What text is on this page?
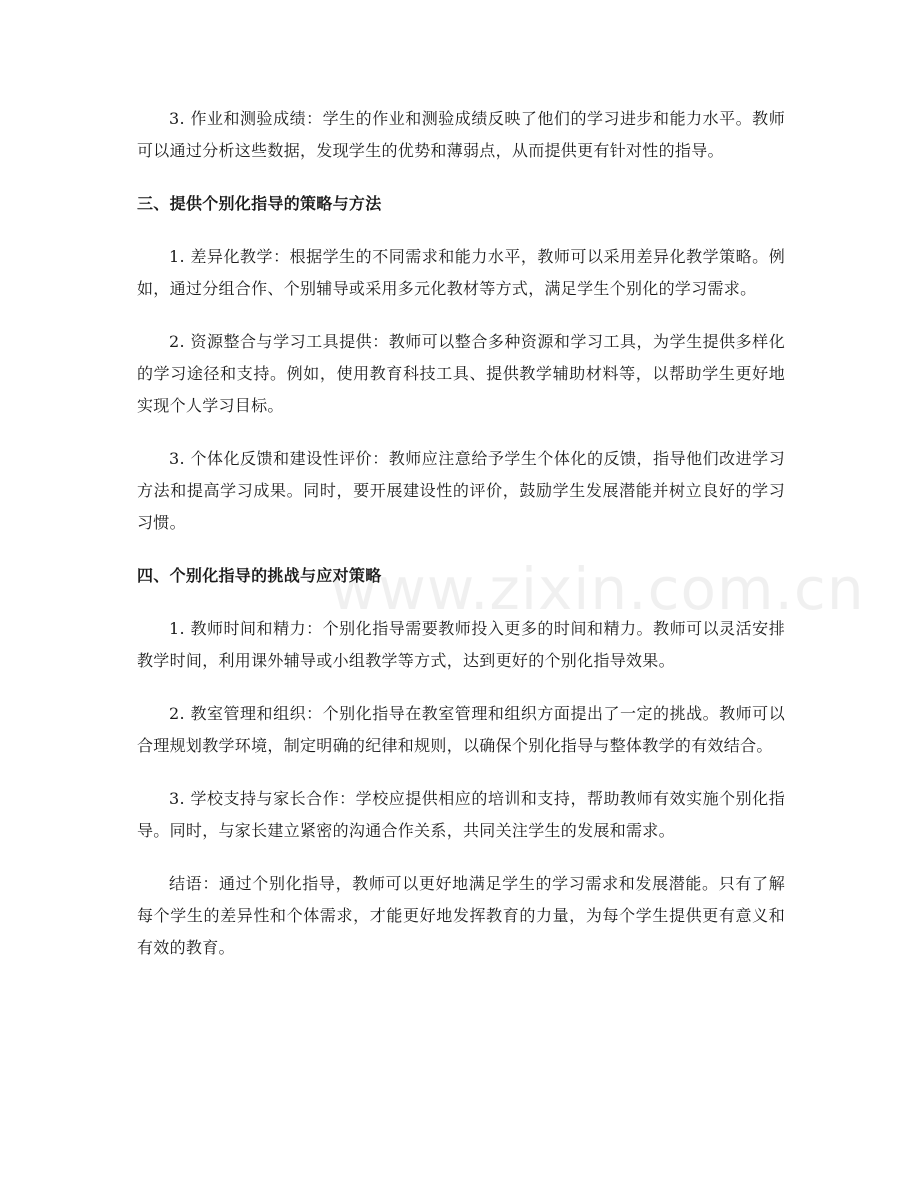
www.zixin.com.cn

3. 作业和测验成绩：学生的作业和测验成绩反映了他们的学习进步和能力水平。教师可以通过分析这些数据，发现学生的优势和薄弱点，从而提供更有针对性的指导。

三、提供个别化指导的策略与方法

1. 差异化教学：根据学生的不同需求和能力水平，教师可以采用差异化教学策略。例如，通过分组合作、个别辅导或采用多元化教材等方式，满足学生个别化的学习需求。

2. 资源整合与学习工具提供：教师可以整合多种资源和学习工具，为学生提供多样化的学习途径和支持。例如，使用教育科技工具、提供教学辅助材料等，以帮助学生更好地实现个人学习目标。

3. 个体化反馈和建设性评价：教师应注意给予学生个体化的反馈，指导他们改进学习方法和提高学习成果。同时，要开展建设性的评价，鼓励学生发展潜能并树立良好的学习习惯。

四、个别化指导的挑战与应对策略

1. 教师时间和精力：个别化指导需要教师投入更多的时间和精力。教师可以灵活安排教学时间，利用课外辅导或小组教学等方式，达到更好的个别化指导效果。

2. 教室管理和组织：个别化指导在教室管理和组织方面提出了一定的挑战。教师可以合理规划教学环境，制定明确的纪律和规则，以确保个别化指导与整体教学的有效结合。

3. 学校支持与家长合作：学校应提供相应的培训和支持，帮助教师有效实施个别化指导。同时，与家长建立紧密的沟通合作关系，共同关注学生的发展和需求。

结语：通过个别化指导，教师可以更好地满足学生的学习需求和发展潜能。只有了解每个学生的差异性和个体需求，才能更好地发挥教育的力量，为每个学生提供更有意义和有效的教育。
